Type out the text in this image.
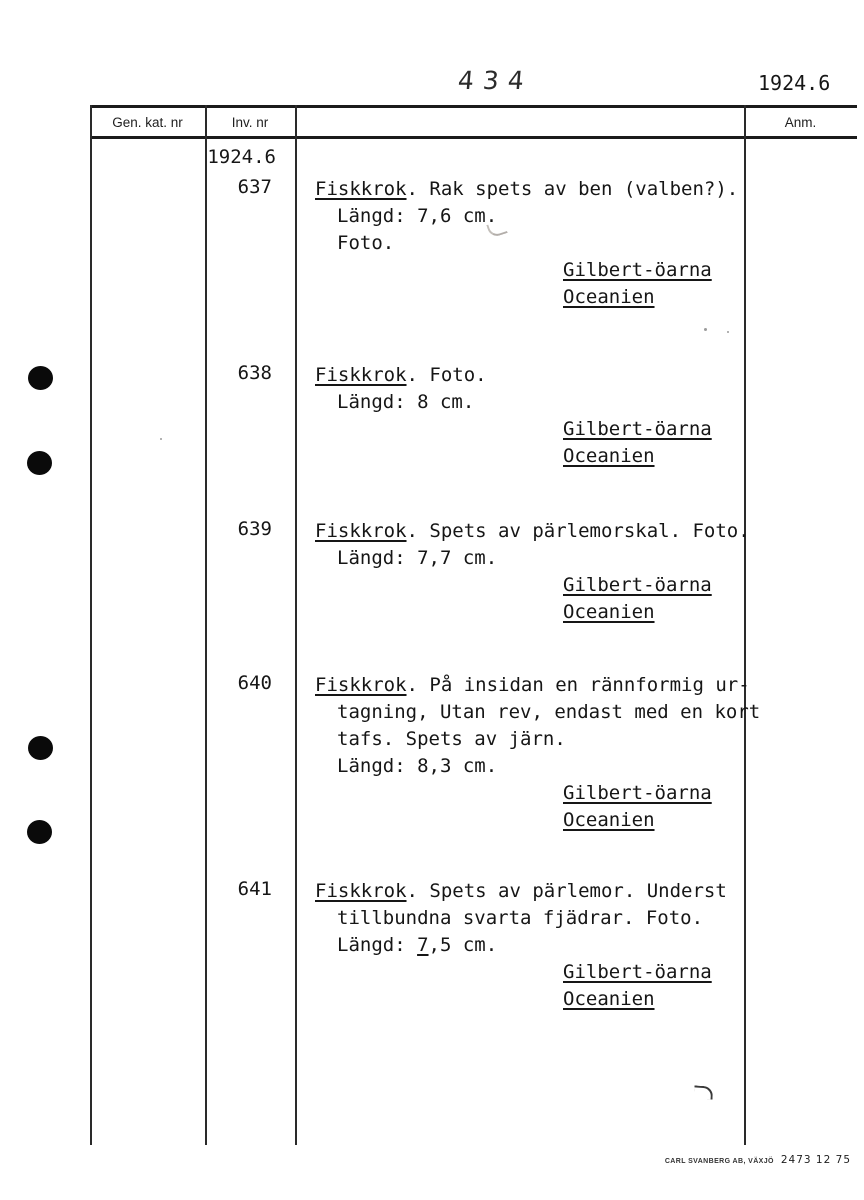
434	1924.6
Gen. kat. nr	Inv. nr	Anm.
1924.6
637 Fiskkrok. Rak spets av ben (valben?).
Längd: 7,6 cm.
Foto.
Gilbert-öarna
Oceanien
638 Fiskkrok. Foto.
Längd: 8 cm.
Gilbert-öarna
Oceanien
639 Fiskkrok. Spets av pärlemorskal. Foto.
Längd: 7,7 cm.
Gilbert-öarna
Oceanien
640 Fiskkrok. På insidan en rännformig ur-
tagning, Utan rev, endast med en kort
tafs. Spets av järn.
Längd: 8,3 cm.
Gilbert-öarna
Oceanien
641 Fiskkrok. Spets av pärlemor. Underst
tillbundna svarta fjädrar. Foto.
Längd: 7,5 cm.
Gilbert-öarna
Oceanien
CARL SVANBERG AB, VÄXJÖ 2473 12 75
